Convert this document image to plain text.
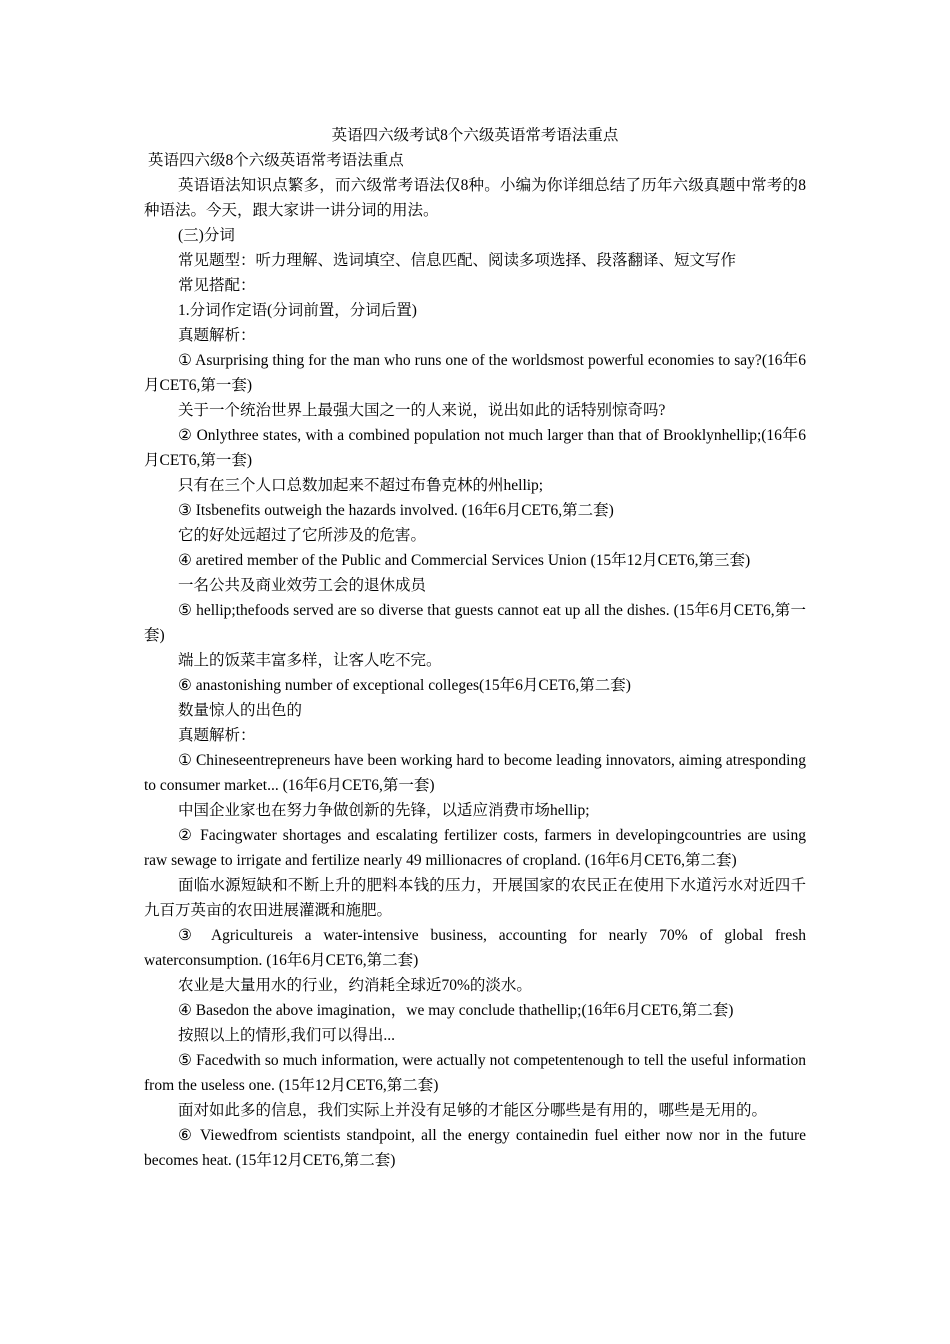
英语四六级考试8个六级英语常考语法重点

英语四六级8个六级英语常考语法重点

英语语法知识点繁多，而六级常考语法仅8种。小编为你详细总结了历年六级真题中常考的8种语法。今天，跟大家讲一讲分词的用法。

(三)分词

常见题型：听力理解、选词填空、信息匹配、阅读多项选择、段落翻译、短文写作

常见搭配：

1.分词作定语(分词前置，分词后置)

真题解析：

① Asurprising thing for the man who runs one of the worldsmost powerful economies to say?(16年6月CET6,第一套)

关于一个统治世界上最强大国之一的人来说，说出如此的话特别惊奇吗?

② Onlythree states, with a combined population not much larger than that of Brooklynhellip;(16年6月CET6,第一套)

只有在三个人口总数加起来不超过布鲁克林的州hellip;

③ Itsbenefits outweigh the hazards involved. (16年6月CET6,第二套)

它的好处远超过了它所涉及的危害。

④ aretired member of the Public and Commercial Services Union (15年12月CET6,第三套)

一名公共及商业效劳工会的退休成员

⑤ hellip;thefoods served are so diverse that guests cannot eat up all the dishes. (15年6月CET6,第一套)

端上的饭菜丰富多样，让客人吃不完。

⑥ anastonishing number of exceptional colleges(15年6月CET6,第二套)

数量惊人的出色的

真题解析：

① Chineseentrepreneurs have been working hard to become leading innovators, aiming atresponding to consumer market... (16年6月CET6,第一套)

中国企业家也在努力争做创新的先锋，以适应消费市场hellip;

② Facingwater shortages and escalating fertilizer costs, farmers in developingcountries are using raw sewage to irrigate and fertilize nearly 49 millionacres of cropland. (16年6月CET6,第二套)

面临水源短缺和不断上升的肥料本钱的压力，开展国家的农民正在使用下水道污水对近四千九百万英亩的农田进展灌溉和施肥。

③ Agricultureis a water-intensive business, accounting for nearly 70% of global fresh waterconsumption. (16年6月CET6,第二套)

农业是大量用水的行业，约消耗全球近70%的淡水。

④ Basedon the above imagination，we may conclude thathellip;(16年6月CET6,第二套)

按照以上的情形,我们可以得出...

⑤ Facedwith so much information, were actually not competentenough to tell the useful information from the useless one. (15年12月CET6,第二套)

面对如此多的信息，我们实际上并没有足够的才能区分哪些是有用的，哪些是无用的。

⑥ Viewedfrom scientists standpoint, all the energy containedin fuel either now nor in the future becomes heat. (15年12月CET6,第二套)
